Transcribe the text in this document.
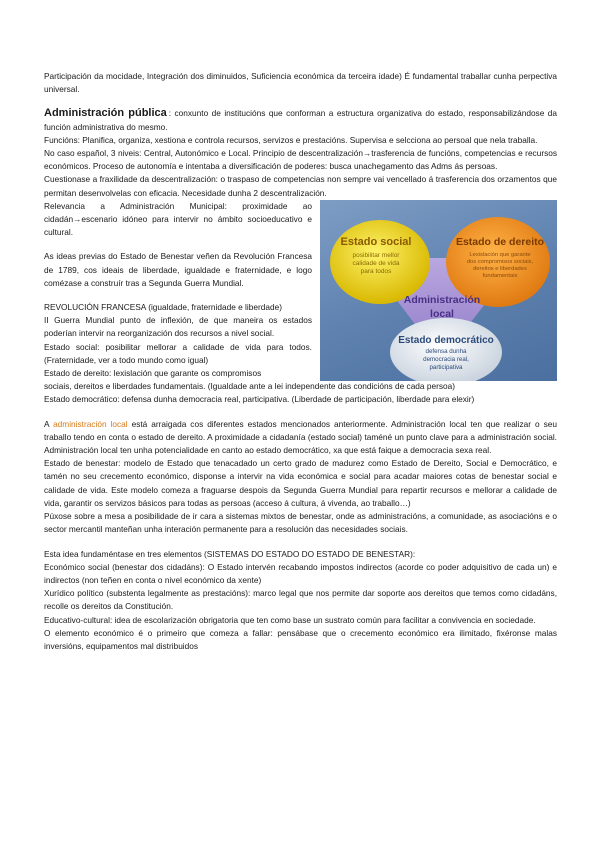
Participación da mocidade, Integración dos diminuidos, Suficiencia económica da terceira idade) É fundamental traballar cunha perpectiva universal.

Administración pública : conxunto de institucións que conforman a estructura organizativa do estado, responsabilizándose da función administrativa do mesmo.

Funcións: Planifica, organiza, xestiona e controla recursos, servizos e prestacións. Supervisa e selcciona ao persoal que nela traballa.

No caso español, 3 niveis: Central, Autonómico e Local. Principio de descentralización→trasferencia de funcións, competencias e recursos económicos. Proceso de autonomía e intentaba a diversificación de poderes: busca unachegamento das Adms ás persoas.

Cuestionase a fraxilidade da descentralización: o traspaso de competencias non sempre vai vencellado á trasferencia dos orzamentos que permitan desenvolvelas con eficacia. Necesidade dunha 2 descentralización.

Estado social
posibilitar mellor
calidade de vida
para todos
Estado de dereito
Lexislación que garante
dos compromisos sociais,
dereitos e liberdades
fundamentais
Administración
local
Estado democrático
defensa dunha
democracia real,
participativa

Relevancia a Administración Municipal: proximidade ao cidadán→escenario idóneo para intervir no ámbito socioeducativo e cultural.

As ideas previas do Estado de Benestar veñen da Revolución Francesa de 1789, cos ideais de liberdade, igualdade e fraternidade, e logo comézase a construír tras a Segunda Guerra Mundial.

REVOLUCIÓN FRANCESA (igualdade, fraternidade e liberdade)

II Guerra Mundial punto de inflexión, de que maneira os estados poderían intervir na reorganización dos recursos a nivel social.

Estado social: posibilitar mellorar a calidade de vida para todos. (Fraternidade, ver a todo mundo como igual)

Estado de dereito: lexislación que garante os compromisos

sociais, dereitos e liberdades fundamentais. (Igualdade ante a lei independente das condicións de cada persoa)

Estado democrático: defensa dunha democracia real, participativa. (Liberdade de participación, liberdade para elexir)

A administración local está arraigada cos diferentes estados mencionados anteriormente. Administración local ten que realizar o seu traballo tendo en conta o estado de dereito. A proximidade a cidadanía (estado social) taméné un punto clave para a administración social. Administración local ten unha potencialidade en canto ao estado democrático, xa que está faique a democracia sexa real.

Estado de benestar: modelo de Estado que tenacadado un certo grado de madurez como Estado de Dereito, Social e Democrático, e tamén no seu crecemento económico, disponse a intervir na vida económica e social para acadar maiores cotas de benestar social e calidade de vida. Este modelo comeza a fraguarse despois da Segunda Guerra Mundial para repartir recursos e mellorar a calidade de vida, garantir os servizos básicos para todas as persoas (acceso á cultura, á vivenda, ao traballo…)

Púxose sobre a mesa a posibilidade de ir cara a sistemas mixtos de benestar, onde as administracións, a comunidade, as asociacións e o sector mercantil manteñan unha interación permanente para a resolución das necesidades sociais.

Esta idea fundaméntase en tres elementos (SISTEMAS DO ESTADO DO ESTADO DE BENESTAR):

Económico social (benestar dos cidadáns): O Estado intervén recabando impostos indirectos (acorde co poder adquisitivo de cada un) e indirectos (non teñen en conta o nivel económico da xente)

Xurídico político (substenta legalmente as prestacións): marco legal que nos permite dar soporte aos dereitos que temos como cidadáns, recolle os dereitos da Constitución.

Educativo-cultural: idea de escolarización obrigatoria que ten como base un sustrato común para facilitar a convivencia en sociedade.

O elemento económico é o primeiro que comeza a fallar: pensábase que o crecemento económico era ilimitado, fixéronse malas inversións, equipamentos mal distribuidos
